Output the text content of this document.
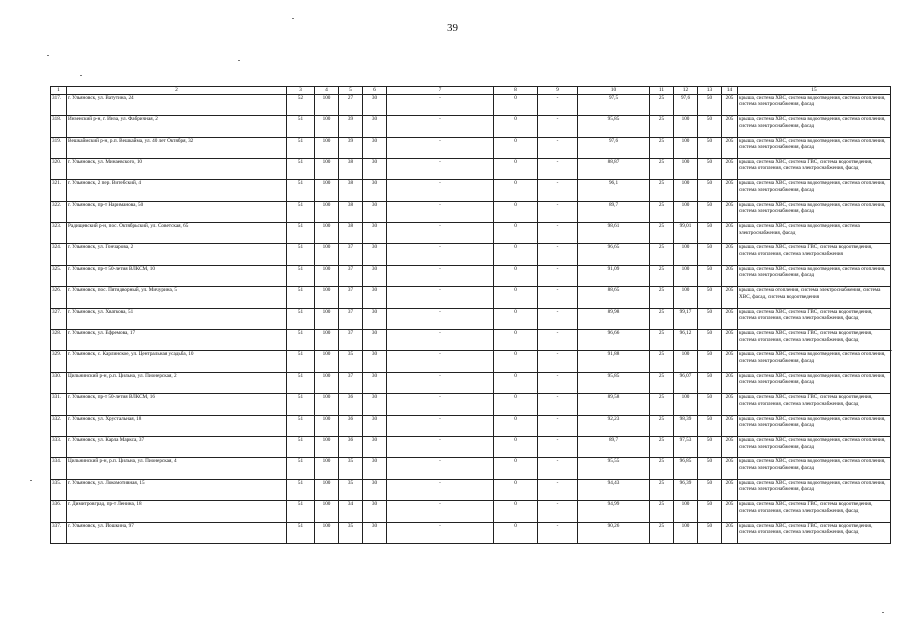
39
1	2	3	4	5	6	7	8	9	10	11	12	13	14	15
317.	г. Ульяновск, ул. Ватутина, 24	52	100	27	30	-	0	-	97,5	25	97,6	50	205	крыша, система ХВС, система водоотведения, система отопления, система электроснабжения, фасад
318.	Инзенский р-н, г. Инза, ул. Фабричная, 2	51	100	39	30	-	0	-	95,85	25	100	50	205	крыша, система ХВС, система водоотведения, система отопления, система электроснабжения, фасад
319.	Вешкаймский р-н, р.п. Вешкайма, ул. 40 лет Октября, 32	51	100	39	30	-	0	-	97,6	25	100	50	205	крыша, система ХВС, система водоотведения, система отопления, система электроснабжения, фасад
320.	г. Ульяновск, ул. Минаевского, 10	51	100	38	30	-	0	-	88,87	25	100	50	205	крыша, система ХВС, система ГВС, система водоотведения, система отопления, система электроснабжения, фасад
321.	г. Ульяновск, 2 пер. Витебский, 4	51	100	38	30	-	0	-	96,1	25	100	50	205	крыша, система ХВС, система водоотведения, система отопления, система электроснабжения, фасад
322.	г. Ульяновск, пр-т Нариманова, 50	51	100	38	30	-	0	-	89,7	25	100	50	205	крыша, система ХВС, система водоотведения, система отопления, система электроснабжения, фасад
323.	Радищевский р-н, пос. Октябрьский, ул. Советская, 65	51	100	38	30	-	0	-	98,61	25	99,01	50	205	крыша, система ХВС, система водоотведения, система электроснабжения, фасад
324.	г. Ульяновск, ул. Гончарова, 2	51	100	37	30	-	0	-	96,65	25	100	50	205	крыша, система ХВС, система ГВС, система водоотведения, система отопления, система электроснабжения
325.	г. Ульяновск, пр-т 50-летия ВЛКСМ, 10	51	100	37	30	-	0	-	91,09	25	100	50	205	крыша, система ХВС, система водоотведения, система отопления, система электроснабжения, фасад
326.	г. Ульяновск, пос. Пятидворный, ул. Мичурина, 5	51	100	37	30	-	0	-	88,65	25	100	50	205	крыша, система отопления, система электроснабжения, система ХВС, фасад, система водоотведения
327.	г. Ульяновск, ул. Хваткова, 51	51	100	37	30	-	0	-	89,98	25	99,17	50	205	крыша, система ХВС, система ГВС, система водоотведения, система отопления, система электроснабжения, фасад
328.	г. Ульяновск, ул. Ефремова, 17	51	100	37	30	-	0	-	96,66	25	96,12	50	205	крыша, система ХВС, система ГВС, система водоотведения, система отопления, система электроснабжения, фасад
329.	г. Ульяновск, с. Карлинское, ул. Центральная усадьба, 10	51	100	35	30	-	0	-	91,88	25	100	50	205	крыша, система ХВС, система водоотведения, система отопления, система электроснабжения, фасад
330.	Цильнинский р-н, р.п. Цильна, ул. Пионерская, 2	51	100	37	30	-	0	-	95,85	25	96,07	50	205	крыша, система ХВС, система водоотведения, система отопления, система электроснабжения, фасад
331.	г. Ульяновск, пр-т 50-летия ВЛКСМ, 16	51	100	36	30	-	0	-	89,58	25	100	50	205	крыша, система ХВС, система ГВС, система водоотведения, система отопления, система электроснабжения, фасад
332.	г. Ульяновск, ул. Хрустальная, 18	51	100	36	30	-	0	-	92,23	25	98,39	50	205	крыша, система ХВС, система водоотведения, система отопления, система электроснабжения, фасад
333.	г. Ульяновск, ул. Карла Маркса, 37	51	100	36	30	-	0	-	89,7	25	97,53	50	205	крыша, система ХВС, система водоотведения, система отопления, система электроснабжения, фасад
334.	Цильнинский р-н, р.п. Цильна, ул. Пионерская, 4	51	100	35	30	-	0	-	95,55	25	96,85	50	205	крыша, система ХВС, система водоотведения, система отопления, система электроснабжения, фасад
335.	г. Ульяновск, ул. Локомотивная, 15	51	100	35	30	-	0	-	94,43	25	96,39	50	205	крыша, система ХВС, система водоотведения, система отопления, система электроснабжения, фасад
336.	г. Димитровград, пр-т Ленина, 18	51	100	34	30	-	0	-	94,99	25	100	50	205	крыша, система ХВС, система ГВС, система водоотведения, система отопления, система электроснабжения, фасад
337.	г. Ульяновск, ул. Йошкина, 97	51	100	35	30	-	0	-	90,26	25	100	50	205	крыша, система ХВС, система ГВС, система водоотведения, система отопления, система электроснабжения, фасад
